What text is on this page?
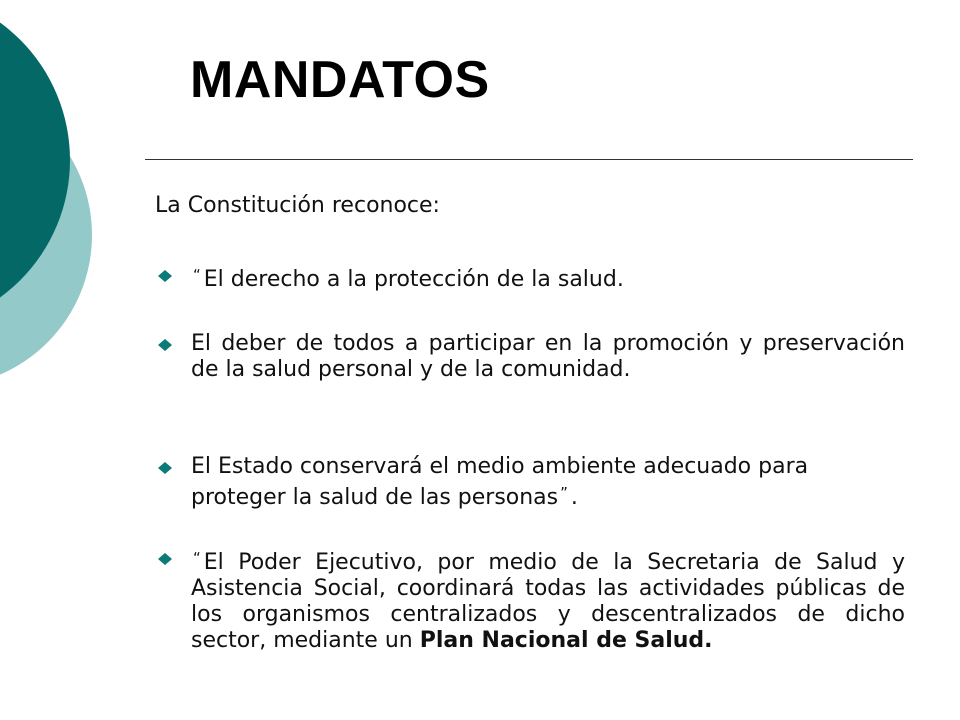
MANDATOS

La Constitución reconoce:

“ El derecho a la protección de la salud.
El deber de todos a participar en la promoción y preservación de la salud personal y de la comunidad.
El Estado conservará el medio ambiente adecuado para proteger la salud de las personas ” .
“ El Poder Ejecutivo, por medio de la Secretaria de Salud y Asistencia Social, coordinará todas las actividades públicas de los organismos centralizados y descentralizados de dicho sector, mediante un Plan Nacional de Salud.
